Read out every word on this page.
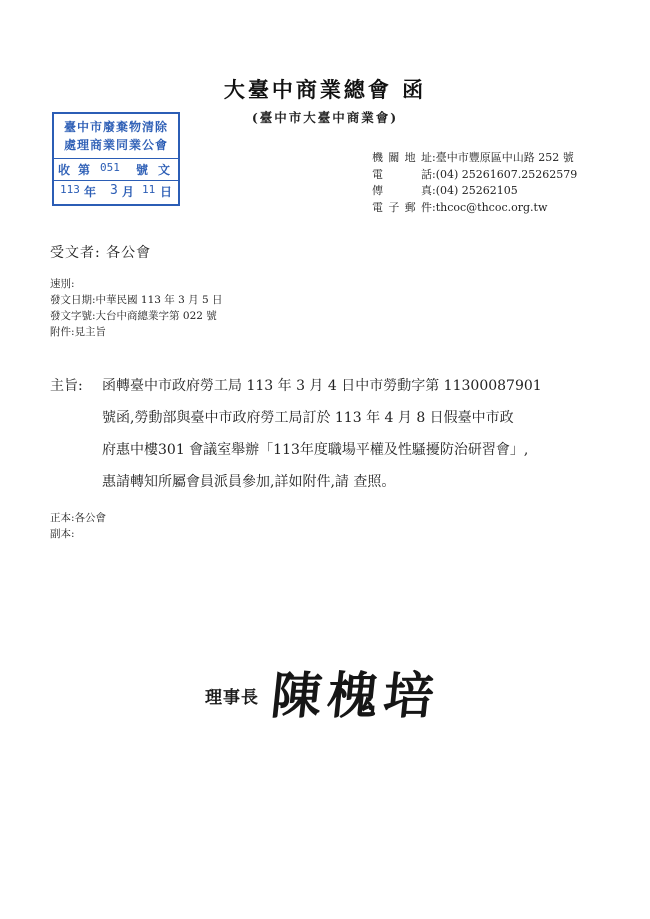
大臺中商業總會 函
(臺中市大臺中商業會)
臺中市廢棄物清除
處理商業同業公會
收 第 051 號 文
113 年 3 月 11 日
機關地址:臺中市豐原區中山路 252 號
電話:(04) 25261607.25262579
傳真:(04) 25262105
電子郵件:thcoc@thcoc.org.tw
受文者: 各公會
速別:
發文日期:中華民國 113 年 3 月 5 日
發文字號:大台中商總業字第 022 號
附件:見主旨
主旨: 函轉臺中市政府勞工局 113 年 3 月 4 日中市勞動字第 11300087901
號函,勞動部與臺中市政府勞工局訂於 113 年 4 月 8 日假臺中市政
府惠中樓301 會議室舉辦「113年度職場平權及性騷擾防治研習會」,
惠請轉知所屬會員派員參加,詳如附件,請 查照。
正本:各公會
副本:
理事長 陳槐培
